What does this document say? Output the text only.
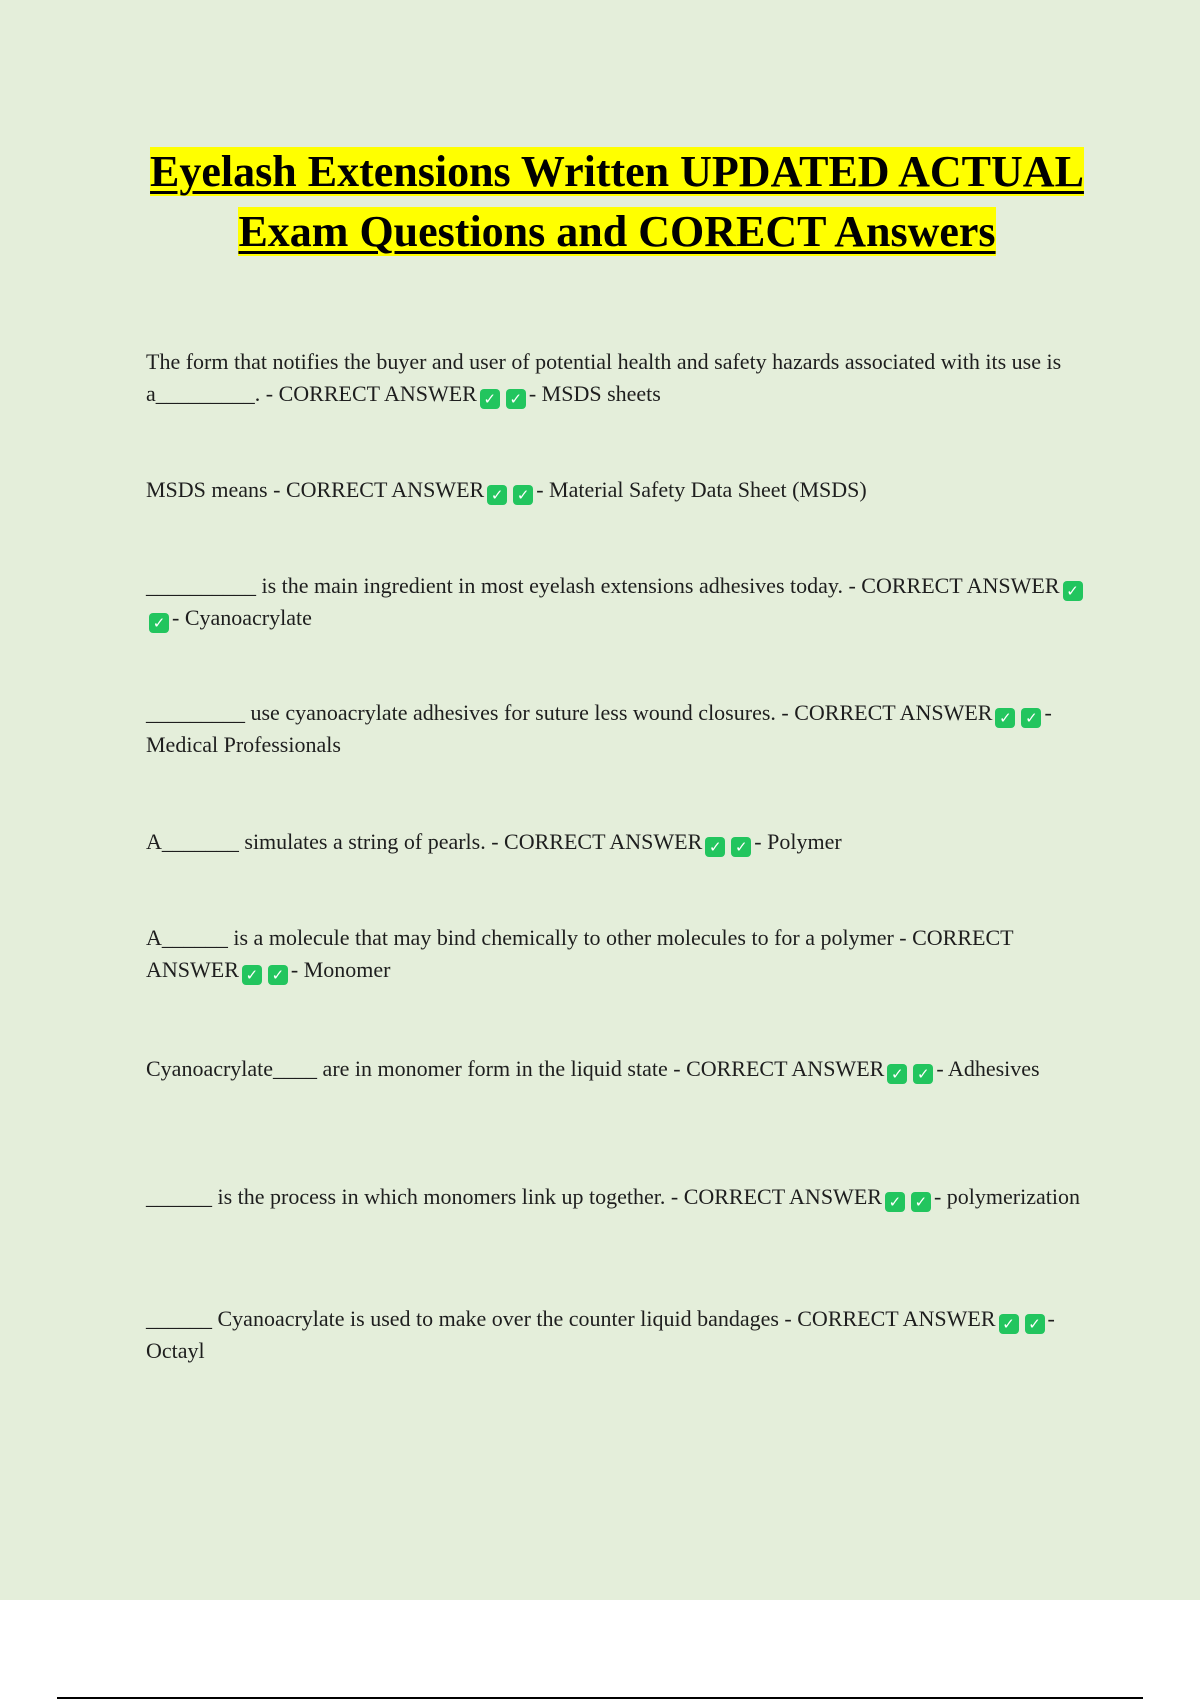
Eyelash Extensions Written UPDATED ACTUAL Exam Questions and CORECT Answers

The form that notifies the buyer and user of potential health and safety hazards associated with its use is a_________. - CORRECT ANSWER ✓ ✓ - MSDS sheets

MSDS means - CORRECT ANSWER ✓ ✓ - Material Safety Data Sheet (MSDS)

__________ is the main ingredient in most eyelash extensions adhesives today. - CORRECT ANSWER ✓✓ - Cyanoacrylate

_________ use cyanoacrylate adhesives for suture less wound closures. - CORRECT ANSWER ✓ ✓ - Medical Professionals

A_______ simulates a string of pearls. - CORRECT ANSWER ✓ ✓ - Polymer

A______ is a molecule that may bind chemically to other molecules to for a polymer - CORRECT ANSWER ✓ ✓ - Monomer

Cyanoacrylate____ are in monomer form in the liquid state - CORRECT ANSWER ✓ ✓ - Adhesives

______ is the process in which monomers link up together. - CORRECT ANSWER ✓ ✓ - polymerization

______ Cyanoacrylate is used to make over the counter liquid bandages - CORRECT ANSWER ✓ ✓ - Octayl
